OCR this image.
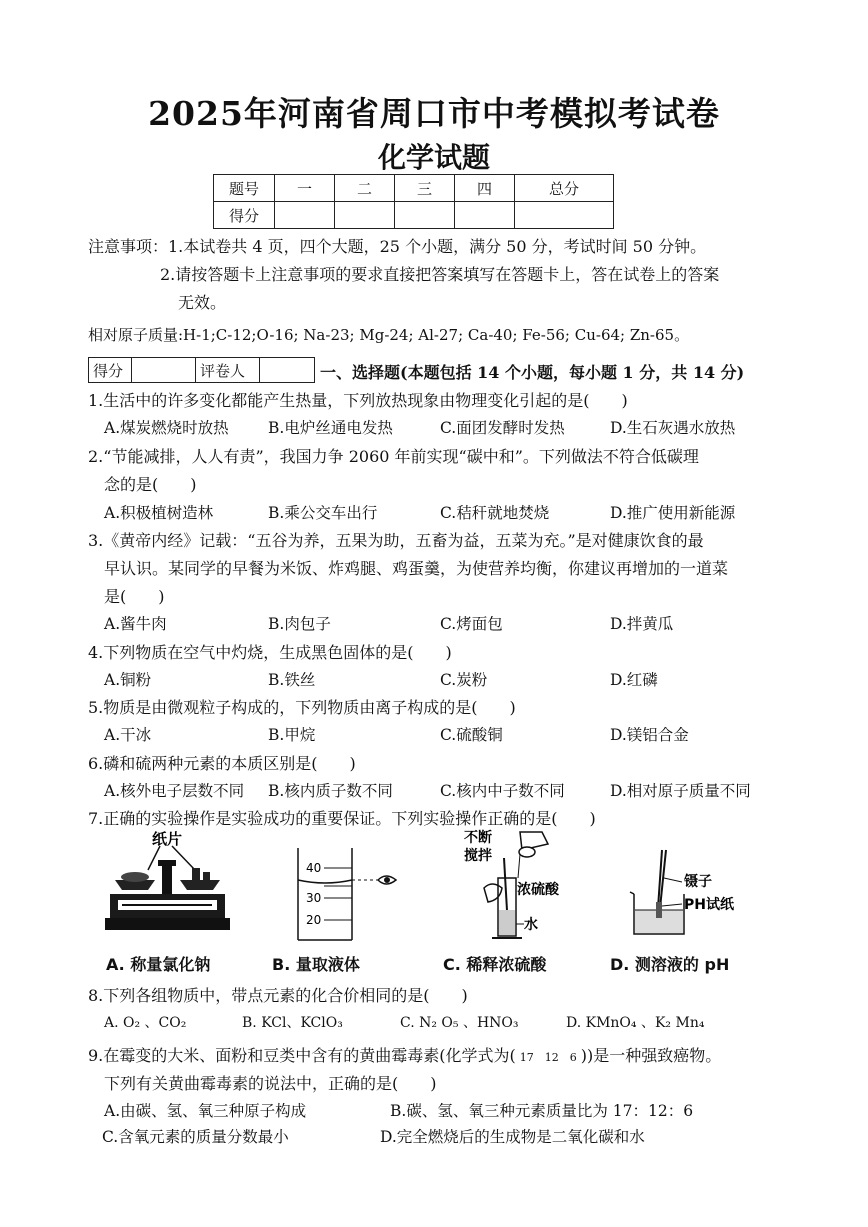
2025年河南省周口市中考模拟考试卷
化学试题
题号	一	二	三	四	总分
得分					
注意事项：1.本试卷共 4 页，四个大题，25 个小题，满分 50 分，考试时间 50 分钟。
2.请按答题卡上注意事项的要求直接把答案填写在答题卡上，答在试卷上的答案
无效。
相对原子质量:H-1;C-12;O-16; Na-23; Mg-24; Al-27; Ca-40; Fe-56; Cu-64; Zn-65。
得分		评卷人		一、选择题(本题包括 14 个小题，每小题 1 分，共 14 分)
1.生活中的许多变化都能产生热量，下列放热现象由物理变化引起的是(　　)
A.煤炭燃烧时放热	B.电炉丝通电发热	C.面团发酵时发热	D.生石灰遇水放热
2.“节能减排，人人有责”，我国力争 2060 年前实现“碳中和”。下列做法不符合低碳理
念的是(　　)
A.积极植树造林	B.乘公交车出行	C.秸秆就地焚烧	D.推广使用新能源
3.《黄帝内经》记载：“五谷为养，五果为助，五畜为益，五菜为充。”是对健康饮食的最
早认识。某同学的早餐为米饭、炸鸡腿、鸡蛋羹，为使营养均衡，你建议再增加的一道菜
是(　　)
A.酱牛肉	B.肉包子	C.烤面包	D.拌黄瓜
4.下列物质在空气中灼烧，生成黑色固体的是(　　)
A.铜粉	B.铁丝	C.炭粉	D.红磷
5.物质是由微观粒子构成的，下列物质由离子构成的是(　　)
A.干冰	B.甲烷	C.硫酸铜	D.镁铝合金
6.磷和硫两种元素的本质区别是(　　)
A.核外电子层数不同 B.核内质子数不同	C.核内中子数不同	D.相对原子质量不同
7.正确的实验操作是实验成功的重要保证。下列实验操作正确的是(　　)
纸片
40
30
20
不断
搅拌
浓硫酸
水
镊子
PH试纸
A. 称量氯化钠	B. 量取液体	C. 稀释浓硫酸	D. 测溶液的 pH
8.下列各组物质中，带点元素的化合价相同的是(　　)
A. O₂ 、CO₂	B. KCl、KClO₃	C. N₂ O₅ 、HNO₃	D. KMnO₄ 、K₂ Mn₄
9.在霉变的大米、面粉和豆类中含有的黄曲霉毒素(化学式为( 17　12　6 ))是一种强致癌物。
下列有关黄曲霉毒素的说法中，正确的是(　　)
A.由碳、氢、氧三种原子构成	B.碳、氢、氧三种元素质量比为 17：12：6
C.含氧元素的质量分数最小	D.完全燃烧后的生成物是二氧化碳和水
